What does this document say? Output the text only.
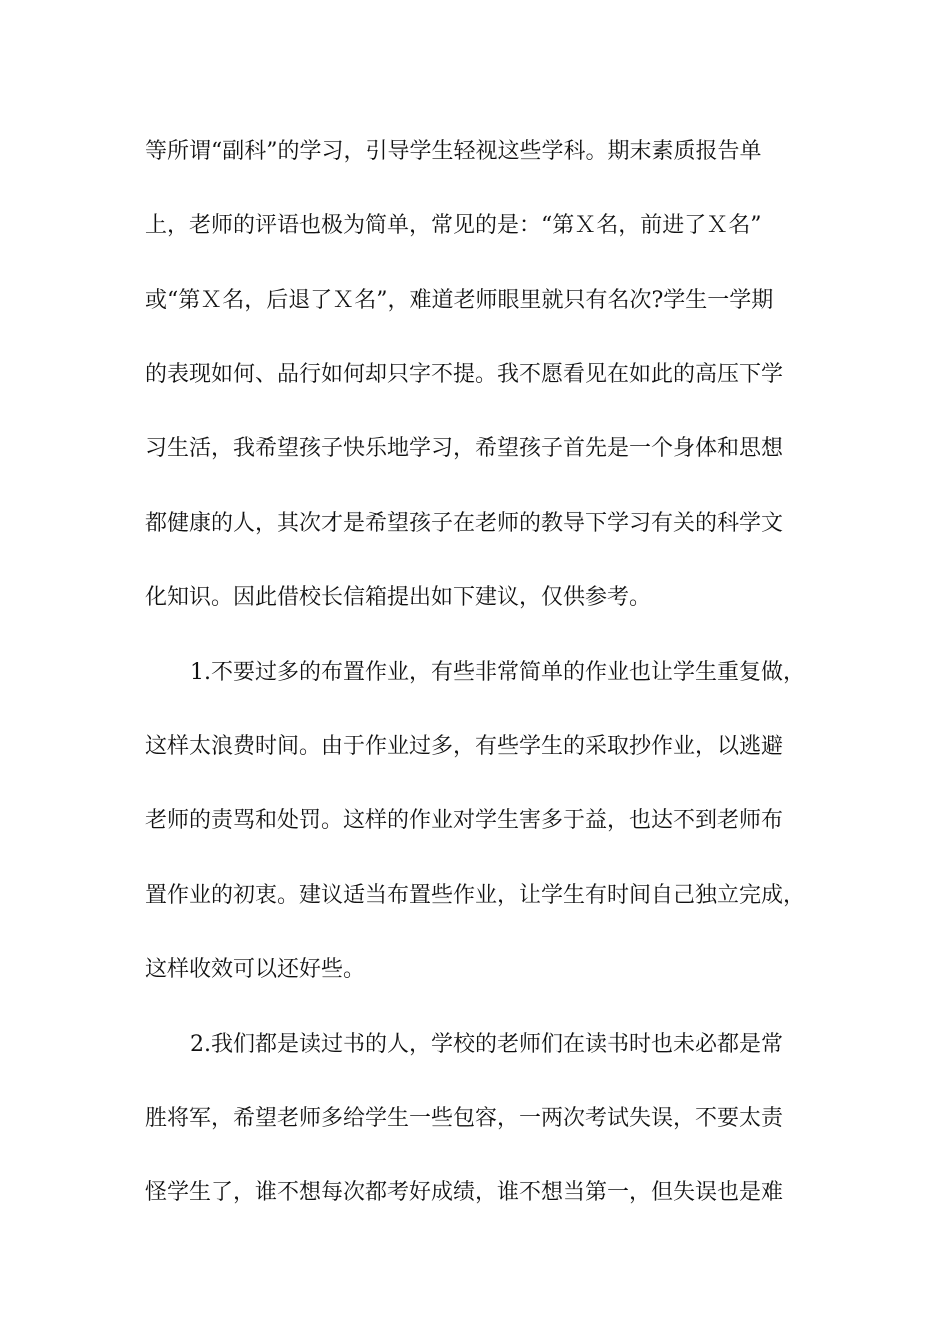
等所谓“副科”的学习，引导学生轻视这些学科。期末素质报告单
上，老师的评语也极为简单，常见的是：“第Ｘ名，前进了Ｘ名”
或“第Ｘ名，后退了Ｘ名”，难道老师眼里就只有名次?学生一学期
的表现如何、品行如何却只字不提。我不愿看见在如此的高压下学
习生活，我希望孩子快乐地学习，希望孩子首先是一个身体和思想
都健康的人，其次才是希望孩子在老师的教导下学习有关的科学文
化知识。因此借校长信箱提出如下建议，仅供参考。
1.不要过多的布置作业，有些非常简单的作业也让学生重复做，
这样太浪费时间。由于作业过多，有些学生的采取抄作业，以逃避
老师的责骂和处罚。这样的作业对学生害多于益，也达不到老师布
置作业的初衷。建议适当布置些作业，让学生有时间自己独立完成，
这样收效可以还好些。
2.我们都是读过书的人，学校的老师们在读书时也未必都是常
胜将军，希望老师多给学生一些包容，一两次考试失误，不要太责
怪学生了，谁不想每次都考好成绩，谁不想当第一，但失误也是难
